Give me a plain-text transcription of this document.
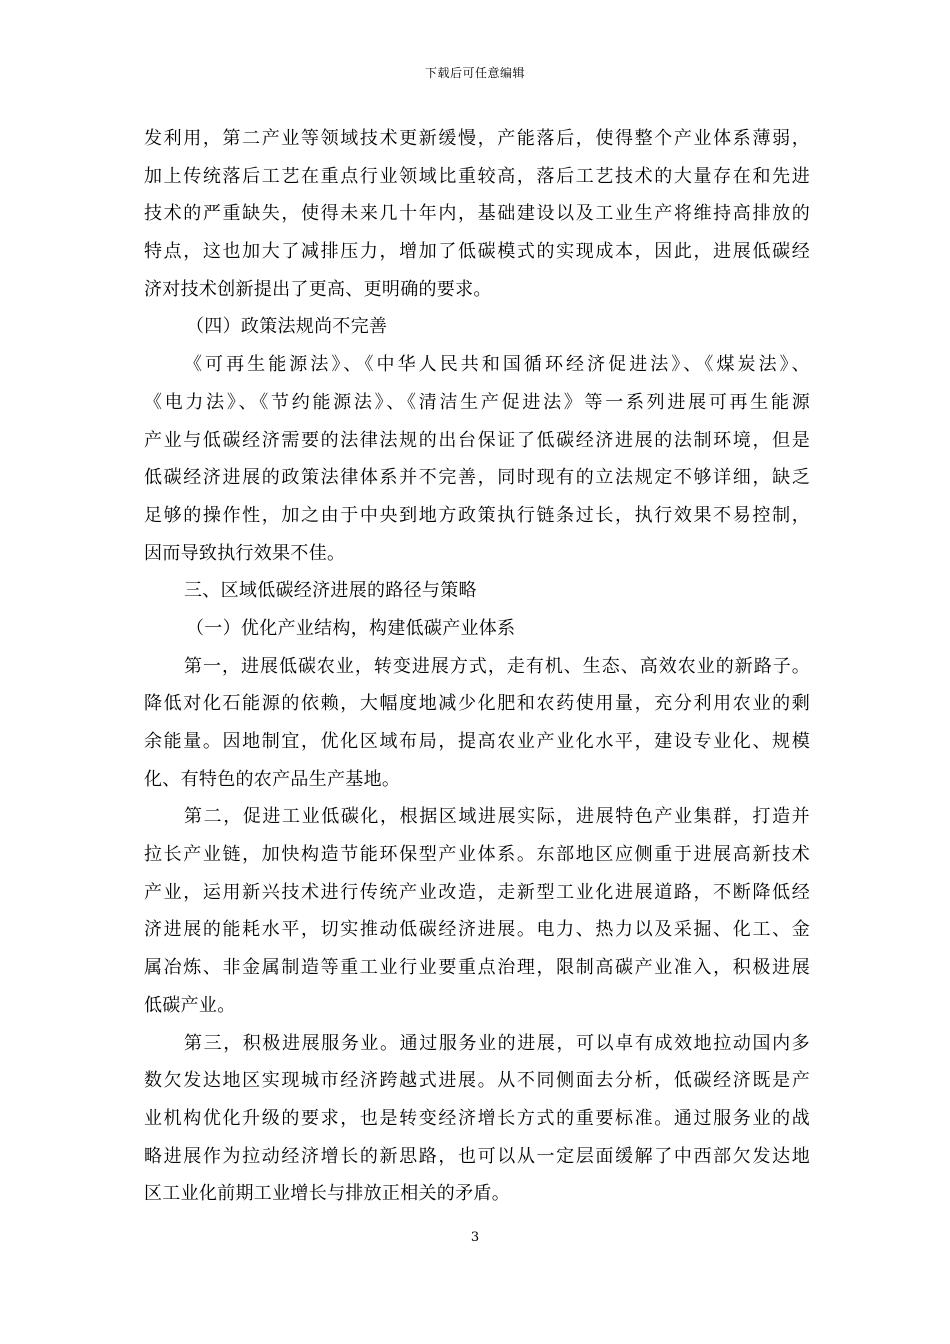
下载后可任意编辑
发利用，第二产业等领域技术更新缓慢，产能落后，使得整个产业体系薄弱，
加上传统落后工艺在重点行业领域比重较高，落后工艺技术的大量存在和先进
技术的严重缺失，使得未来几十年内，基础建设以及工业生产将维持高排放的
特点，这也加大了减排压力，增加了低碳模式的实现成本，因此，进展低碳经
济对技术创新提出了更高、更明确的要求。
（四）政策法规尚不完善
《可再生能源法》、《中华人民共和国循环经济促进法》、《煤炭法》、
《电力法》、《节约能源法》、《清洁生产促进法》等一系列进展可再生能源
产业与低碳经济需要的法律法规的出台保证了低碳经济进展的法制环境，但是
低碳经济进展的政策法律体系并不完善，同时现有的立法规定不够详细，缺乏
足够的操作性，加之由于中央到地方政策执行链条过长，执行效果不易控制，
因而导致执行效果不佳。
三、区域低碳经济进展的路径与策略
（一）优化产业结构，构建低碳产业体系
第一，进展低碳农业，转变进展方式，走有机、生态、高效农业的新路子。
降低对化石能源的依赖，大幅度地减少化肥和农药使用量，充分利用农业的剩
余能量。因地制宜，优化区域布局，提高农业产业化水平，建设专业化、规模
化、有特色的农产品生产基地。
第二，促进工业低碳化，根据区域进展实际，进展特色产业集群，打造并
拉长产业链，加快构造节能环保型产业体系。东部地区应侧重于进展高新技术
产业，运用新兴技术进行传统产业改造，走新型工业化进展道路，不断降低经
济进展的能耗水平，切实推动低碳经济进展。电力、热力以及采掘、化工、金
属冶炼、非金属制造等重工业行业要重点治理，限制高碳产业准入，积极进展
低碳产业。
第三，积极进展服务业。通过服务业的进展，可以卓有成效地拉动国内多
数欠发达地区实现城市经济跨越式进展。从不同侧面去分析，低碳经济既是产
业机构优化升级的要求，也是转变经济增长方式的重要标准。通过服务业的战
略进展作为拉动经济增长的新思路，也可以从一定层面缓解了中西部欠发达地
区工业化前期工业增长与排放正相关的矛盾。
3
